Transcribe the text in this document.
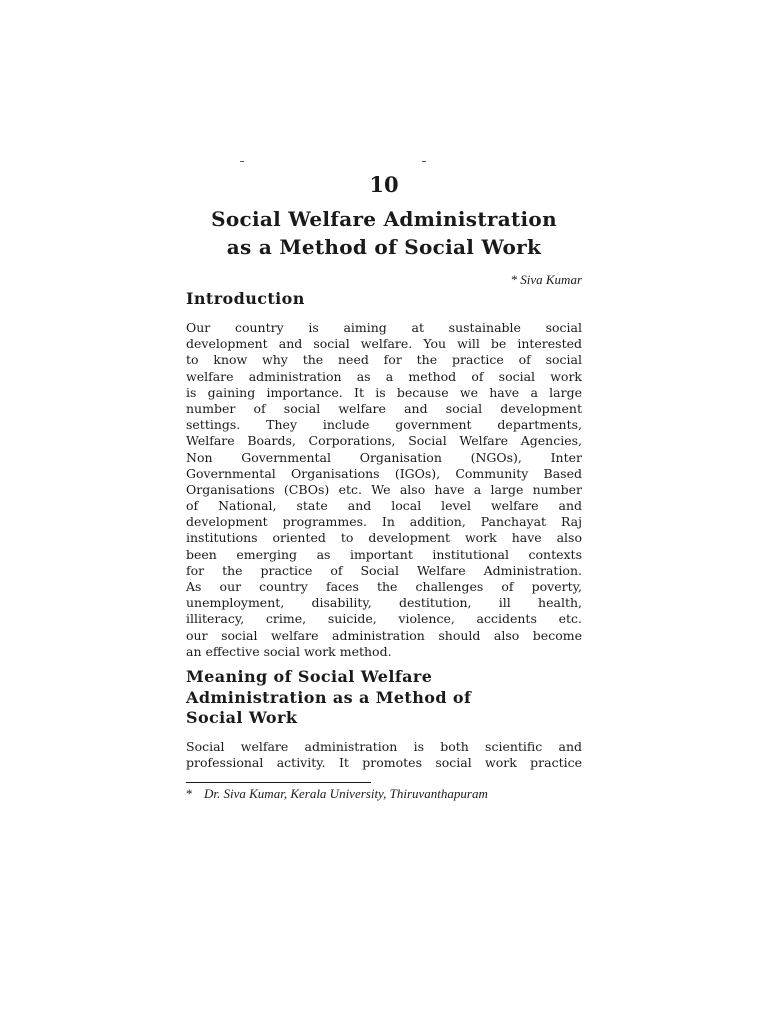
10
Social Welfare Administration
as a Method of Social Work
* Siva Kumar
Introduction
Our country is aiming at sustainable social
development and social welfare. You will be interested
to know why the need for the practice of social
welfare administration as a method of social work
is gaining importance. It is because we have a large
number of social welfare and social development
settings. They include government departments,
Welfare Boards, Corporations, Social Welfare Agencies,
Non Governmental Organisation (NGOs), Inter
Governmental Organisations (IGOs), Community Based
Organisations (CBOs) etc. We also have a large number
of National, state and local level welfare and
development programmes. In addition, Panchayat Raj
institutions oriented to development work have also
been emerging as important institutional contexts
for the practice of Social Welfare Administration.
As our country faces the challenges of poverty,
unemployment, disability, destitution, ill health,
illiteracy, crime, suicide, violence, accidents etc.
our social welfare administration should also become
an effective social work method.
Meaning of Social Welfare
Administration as a Method of
Social Work
Social welfare administration is both scientific and
professional activity. It promotes social work practice
* Dr. Siva Kumar, Kerala University, Thiruvanthapuram
